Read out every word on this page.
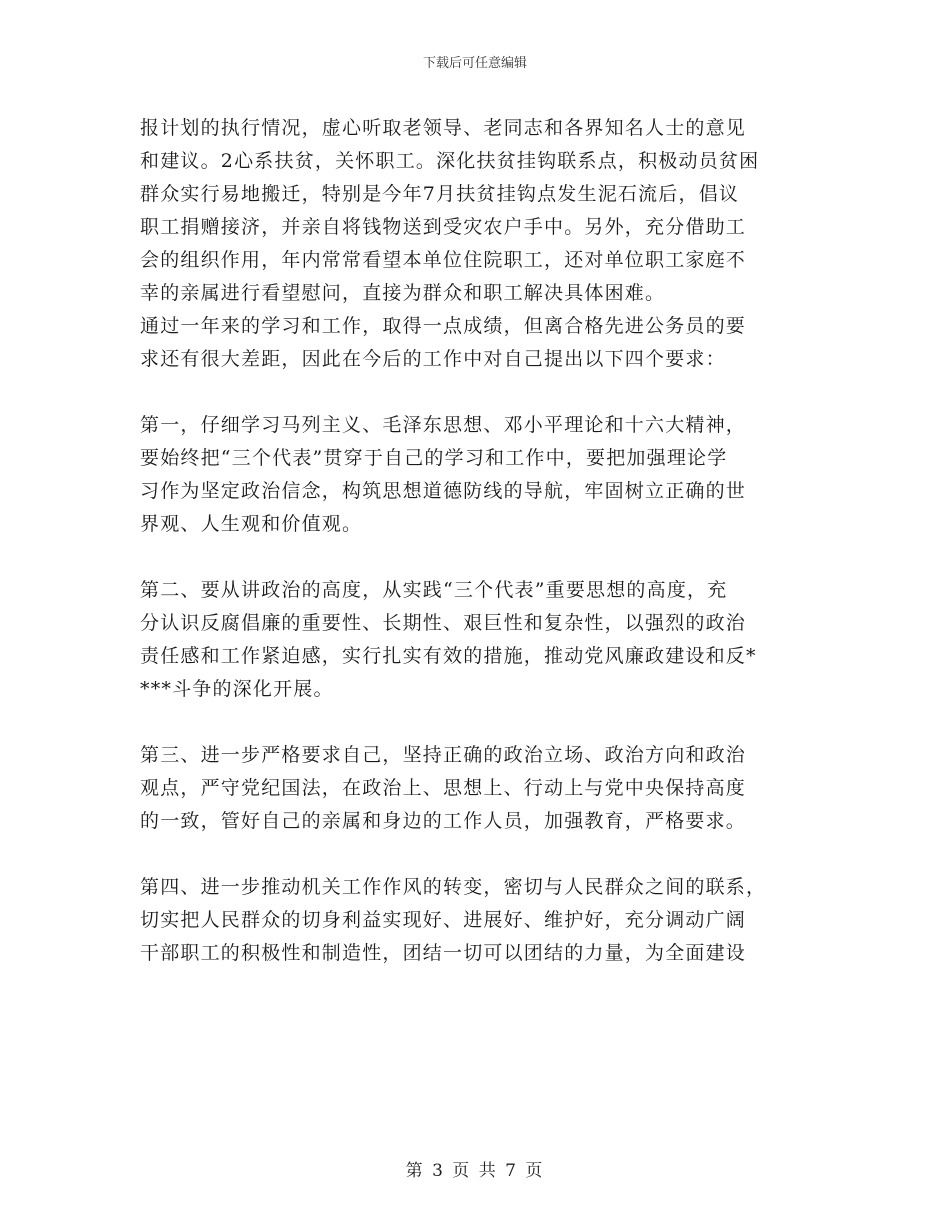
下载后可任意编辑
报计划的执行情况，虚心听取老领导、老同志和各界知名人士的意见
和建议。2心系扶贫，关怀职工。深化扶贫挂钩联系点，积极动员贫困
群众实行易地搬迁，特别是今年7月扶贫挂钩点发生泥石流后，倡议
职工捐赠接济，并亲自将钱物送到受灾农户手中。另外，充分借助工
会的组织作用，年内常常看望本单位住院职工，还对单位职工家庭不
幸的亲属进行看望慰问，直接为群众和职工解决具体困难。
通过一年来的学习和工作，取得一点成绩，但离合格先进公务员的要
求还有很大差距，因此在今后的工作中对自己提出以下四个要求：
第一，仔细学习马列主义、毛泽东思想、邓小平理论和十六大精神，
要始终把“三个代表”贯穿于自己的学习和工作中，要把加强理论学
习作为坚定政治信念，构筑思想道德防线的导航，牢固树立正确的世
界观、人生观和价值观。
第二、要从讲政治的高度，从实践“三个代表”重要思想的高度，充
分认识反腐倡廉的重要性、长期性、艰巨性和复杂性，以强烈的政治
责任感和工作紧迫感，实行扎实有效的措施，推动党风廉政建设和反*
***斗争的深化开展。
第三、进一步严格要求自己，坚持正确的政治立场、政治方向和政治
观点，严守党纪国法，在政治上、思想上、行动上与党中央保持高度
的一致，管好自己的亲属和身边的工作人员，加强教育，严格要求。
第四、进一步推动机关工作作风的转变，密切与人民群众之间的联系，
切实把人民群众的切身利益实现好、进展好、维护好，充分调动广阔
干部职工的积极性和制造性，团结一切可以团结的力量，为全面建设
第 3 页 共 7 页
